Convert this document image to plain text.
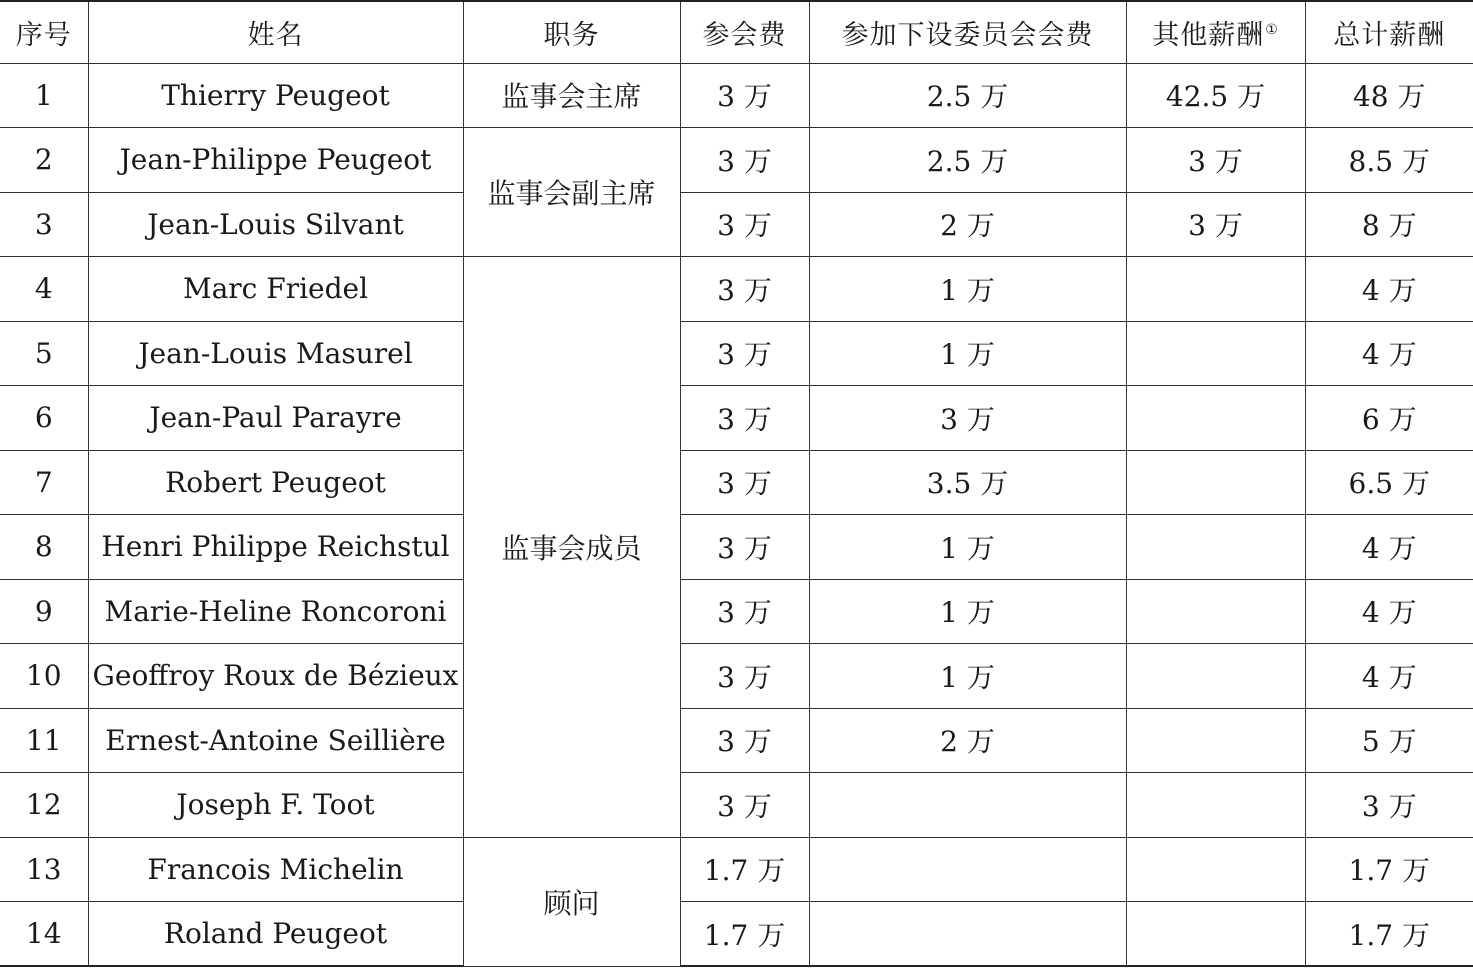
序号	姓名	职务	参会费	参加下设委员会会费	其他薪酬①	总计薪酬
1	Thierry Peugeot	监事会主席	3 万	2.5 万	42.5 万	48 万
2	Jean-Philippe Peugeot	监事会副主席	3 万	2.5 万	3 万	8.5 万
3	Jean-Louis Silvant		3 万	2 万	3 万	8 万
4	Marc Friedel	监事会成员	3 万	1 万		4 万
5	Jean-Louis Masurel		3 万	1 万		4 万
6	Jean-Paul Parayre		3 万	3 万		6 万
7	Robert Peugeot		3 万	3.5 万		6.5 万
8	Henri Philippe Reichstul		3 万	1 万		4 万
9	Marie-Heline Roncoroni		3 万	1 万		4 万
10	Geoffroy Roux de Bézieux		3 万	1 万		4 万
11	Ernest-Antoine Seillière		3 万	2 万		5 万
12	Joseph F. Toot		3 万			3 万
13	Francois Michelin	顾问	1.7 万			1.7 万
14	Roland Peugeot		1.7 万			1.7 万
